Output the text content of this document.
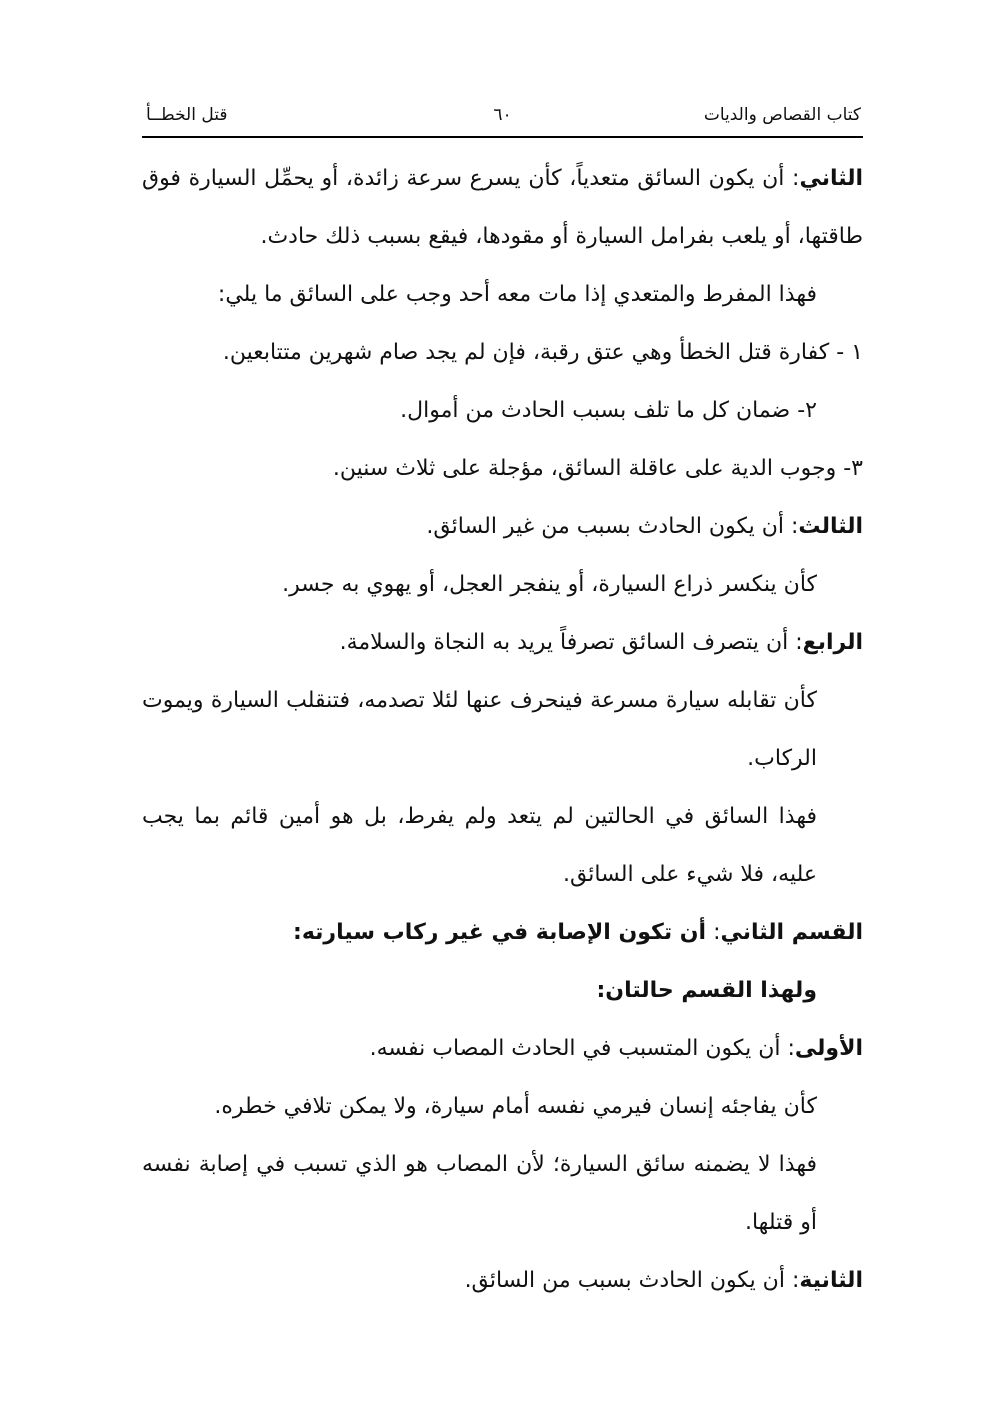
كتاب القصاص والديات
٦٠
قتل الخطــأ

الثاني: أن يكون السائق متعدياً، كأن يسرع سرعة زائدة، أو يحمِّل السيارة فوق طاقتها، أو يلعب بفرامل السيارة أو مقودها، فيقع بسبب ذلك حادث.

فهذا المفرط والمتعدي إذا مات معه أحد وجب على السائق ما يلي:

١ - كفارة قتل الخطأ وهي عتق رقبة، فإن لم يجد صام شهرين متتابعين.

٢- ضمان كل ما تلف بسبب الحادث من أموال.

٣- وجوب الدية على عاقلة السائق، مؤجلة على ثلاث سنين.

الثالث: أن يكون الحادث بسبب من غير السائق.

كأن ينكسر ذراع السيارة، أو ينفجر العجل، أو يهوي به جسر.

الرابع: أن يتصرف السائق تصرفاً يريد به النجاة والسلامة.

كأن تقابله سيارة مسرعة فينحرف عنها لئلا تصدمه، فتنقلب السيارة ويموت الركاب.

فهذا السائق في الحالتين لم يتعد ولم يفرط، بل هو أمين قائم بما يجب عليه، فلا شيء على السائق.

القسم الثاني: أن تكون الإصابة في غير ركاب سيارته:

ولهذا القسم حالتان:

الأولى: أن يكون المتسبب في الحادث المصاب نفسه.

كأن يفاجئه إنسان فيرمي نفسه أمام سيارة، ولا يمكن تلافي خطره.

فهذا لا يضمنه سائق السيارة؛ لأن المصاب هو الذي تسبب في إصابة نفسه أو قتلها.

الثانية: أن يكون الحادث بسبب من السائق.
